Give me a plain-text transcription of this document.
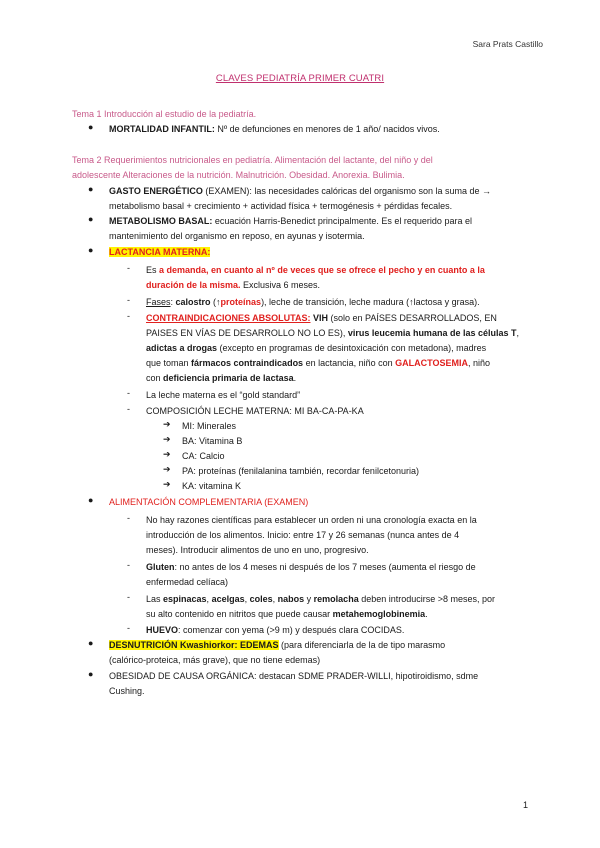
Sara Prats Castillo
CLAVES PEDIATRÍA PRIMER CUATRI
Tema 1 Introducción al estudio de la pediatría.
● MORTALIDAD INFANTIL: Nº de defunciones en menores de 1 año/ nacidos vivos.
Tema 2 Requerimientos nutricionales en pediatría. Alimentación del lactante, del niño y del
adolescente Alteraciones de la nutrición. Malnutrición. Obesidad. Anorexia. Bulimia.
● GASTO ENERGÉTICO (EXAMEN): las necesidades calóricas del organismo son la suma de →
metabolismo basal + crecimiento + actividad física + termogénesis + pérdidas fecales.
● METABOLISMO BASAL: ecuación Harris-Benedict principalmente. Es el requerido para el
mantenimiento del organismo en reposo, en ayunas y isotermia.
● LACTANCIA MATERNA:
- Es a demanda, en cuanto al nº de veces que se ofrece el pecho y en cuanto a la
duración de la misma. Exclusiva 6 meses.
- Fases: calostro (↑proteínas), leche de transición, leche madura (↑lactosa y grasa).
- CONTRAINDICACIONES ABSOLUTAS: VIH (solo en PAÍSES DESARROLLADOS, EN
PAISES EN VÍAS DE DESARROLLO NO LO ES), virus leucemia humana de las células T,
adictas a drogas (excepto en programas de desintoxicación con metadona), madres
que toman fármacos contraindicados en lactancia, niño con GALACTOSEMIA, niño
con deficiencia primaria de lactasa.
- La leche materna es el “gold standard”
- COMPOSICIÓN LECHE MATERNA: MI BA-CA-PA-KA
➔ MI: Minerales
➔ BA: Vitamina B
➔ CA: Calcio
➔ PA: proteínas (fenilalanina también, recordar fenilcetonuria)
➔ KA: vitamina K
● ALIMENTACIÓN COMPLEMENTARIA (EXAMEN)
- No hay razones científicas para establecer un orden ni una cronología exacta en la
introducción de los alimentos. Inicio: entre 17 y 26 semanas (nunca antes de 4
meses). Introducir alimentos de uno en uno, progresivo.
- Gluten: no antes de los 4 meses ni después de los 7 meses (aumenta el riesgo de
enfermedad celíaca)
- Las espinacas, acelgas, coles, nabos y remolacha deben introducirse >8 meses, por
su alto contenido en nitritos que puede causar metahemoglobinemia.
- HUEVO: comenzar con yema (>9 m) y después clara COCIDAS.
● DESNUTRICIÓN Kwashiorkor: EDEMAS (para diferenciarla de la de tipo marasmo
(calórico-proteica, más grave), que no tiene edemas)
● OBESIDAD DE CAUSA ORGÁNICA: destacan SDME PRADER-WILLI, hipotiroidismo, sdme
Cushing.
1
